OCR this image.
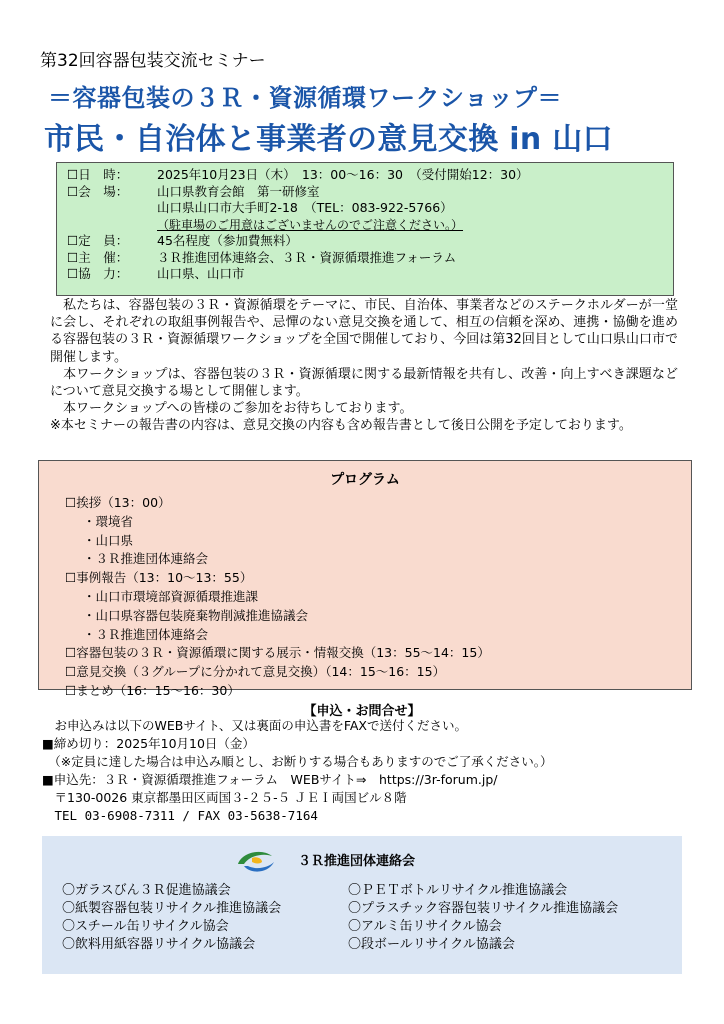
第32回容器包装交流セミナー
＝容器包装の３Ｒ・資源循環ワークショップ＝
市民・自治体と事業者の意見交換 in 山口
☐日　時：	2025年10月23日（木）　13：00〜16：30　（受付開始12：30）
☐会　場：	山口県教育会館　第一研修室
山口県山口市大手町2-18　（TEL：083-922-5766）
（駐車場のご用意はございませんのでご注意ください。）
☐定　員：	45名程度（参加費無料）
☐主　催：	３Ｒ推進団体連絡会、３Ｒ・資源循環推進フォーラム
☐協　力：	山口県、山口市

　私たちは、容器包装の３Ｒ・資源循環をテーマに、市民、自治体、事業者などのステークホルダーが一堂に会し、それぞれの取組事例報告や、忌憚のない意見交換を通して、相互の信頼を深め、連携・協働を進める容器包装の３Ｒ・資源循環ワークショップを全国で開催しており、今回は第32回目として山口県山口市で開催します。

　本ワークショップは、容器包装の３Ｒ・資源循環に関する最新情報を共有し、改善・向上すべき課題などについて意見交換する場として開催します。

　本ワークショップへの皆様のご参加をお待ちしております。

※本セミナーの報告書の内容は、意見交換の内容も含め報告書として後日公開を予定しております。

プログラム
☐挨拶（13：00）
・環境省
・山口県
・３Ｒ推進団体連絡会
☐事例報告（13：10〜13：55）
・山口市環境部資源循環推進課
・山口県容器包装廃棄物削減推進協議会
・３Ｒ推進団体連絡会
☐容器包装の３Ｒ・資源循環に関する展示・情報交換（13：55〜14：15）
☐意見交換（３グループに分かれて意見交換）（14：15〜16：15）
☐まとめ（16：15〜16：30）
【申込・お問合せ】
　お申込みは以下のWEBサイト、又は裏面の申込書をFAXで送付ください。
■締め切り：2025年10月10日（金）
　（※定員に達した場合は申込み順とし、お断りする場合もありますのでご了承ください。）
■申込先：３Ｒ・資源循環推進フォーラム　WEBサイト⇒　https://3r-forum.jp/
　〒130-0026 東京都墨田区両国３-２５-５ ＪＥＩ両国ビル８階
　TEL 03-6908-7311 / FAX 03-5638-7164
３Ｒ推進団体連絡会
〇ガラスびん３Ｒ促進協議会
〇紙製容器包装リサイクル推進協議会
〇スチール缶リサイクル協会
〇飲料用紙容器リサイクル協議会
〇ＰＥＴボトルリサイクル推進協議会
〇プラスチック容器包装リサイクル推進協議会
〇アルミ缶リサイクル協会
〇段ボールリサイクル協議会
